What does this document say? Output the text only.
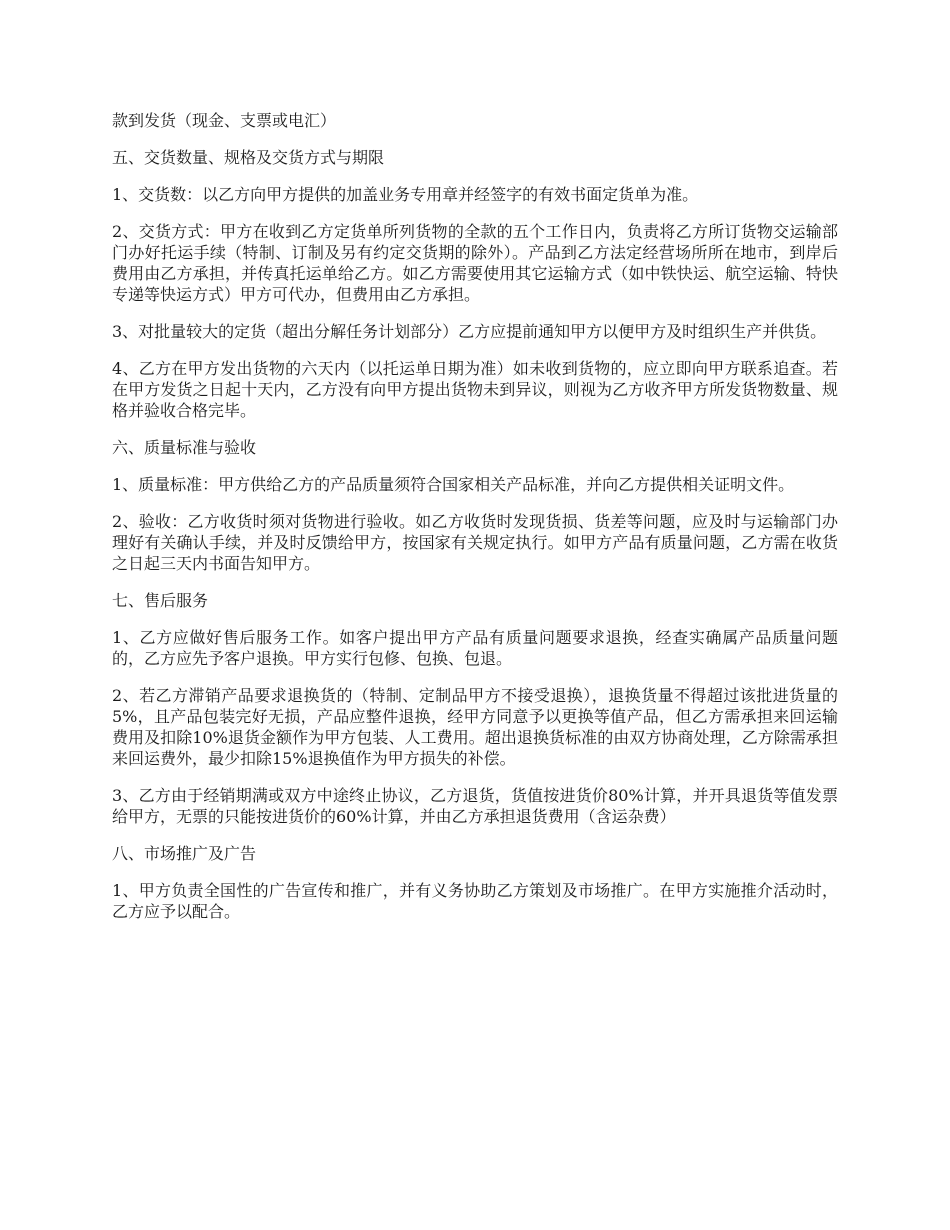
款到发货（现金、支票或电汇）

五、交货数量、规格及交货方式与期限

1、交货数：以乙方向甲方提供的加盖业务专用章并经签字的有效书面定货单为准。

2、交货方式：甲方在收到乙方定货单所列货物的全款的五个工作日内，负责将乙方所订货物交运输部门办好托运手续（特制、订制及另有约定交货期的除外）。产品到乙方法定经营场所所在地市，到岸后费用由乙方承担，并传真托运单给乙方。如乙方需要使用其它运输方式（如中铁快运、航空运输、特快专递等快运方式）甲方可代办，但费用由乙方承担。

3、对批量较大的定货（超出分解任务计划部分）乙方应提前通知甲方以便甲方及时组织生产并供货。

4、乙方在甲方发出货物的六天内（以托运单日期为准）如未收到货物的，应立即向甲方联系追查。若在甲方发货之日起十天内，乙方没有向甲方提出货物未到异议，则视为乙方收齐甲方所发货物数量、规格并验收合格完毕。

六、质量标准与验收

1、质量标准：甲方供给乙方的产品质量须符合国家相关产品标准，并向乙方提供相关证明文件。

2、验收：乙方收货时须对货物进行验收。如乙方收货时发现货损、货差等问题，应及时与运输部门办理好有关确认手续，并及时反馈给甲方，按国家有关规定执行。如甲方产品有质量问题，乙方需在收货之日起三天内书面告知甲方。

七、售后服务

1、乙方应做好售后服务工作。如客户提出甲方产品有质量问题要求退换，经查实确属产品质量问题的，乙方应先予客户退换。甲方实行包修、包换、包退。

2、若乙方滞销产品要求退换货的（特制、定制品甲方不接受退换），退换货量不得超过该批进货量的5%，且产品包装完好无损，产品应整件退换，经甲方同意予以更换等值产品，但乙方需承担来回运输费用及扣除10%退货金额作为甲方包装、人工费用。超出退换货标准的由双方协商处理，乙方除需承担来回运费外，最少扣除15%退换值作为甲方损失的补偿。

3、乙方由于经销期满或双方中途终止协议，乙方退货，货值按进货价80%计算，并开具退货等值发票给甲方，无票的只能按进货价的60%计算，并由乙方承担退货费用（含运杂费）

八、市场推广及广告

1、甲方负责全国性的广告宣传和推广，并有义务协助乙方策划及市场推广。在甲方实施推介活动时，乙方应予以配合。
